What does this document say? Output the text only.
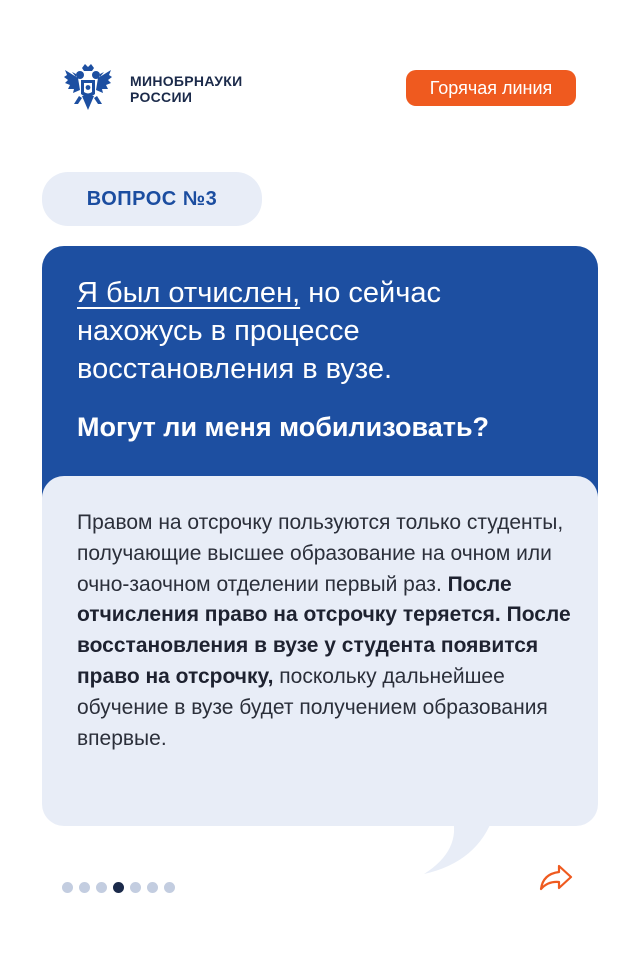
МИНОБРНАУКИ
РОССИИ	Горячая линия
ВОПРОС №3
Я был отчислен, но сейчас
нахожусь в процессе
восстановления в вузе.
Могут ли меня мобилизовать?
Правом на отсрочку пользуются только студенты, получающие высшее образование на очном или очно-заочном отделении первый раз. После отчисления право на отсрочку теряется. После восстановления в вузе у студента появится право на отсрочку, поскольку дальнейшее обучение в вузе будет получением образования впервые.
